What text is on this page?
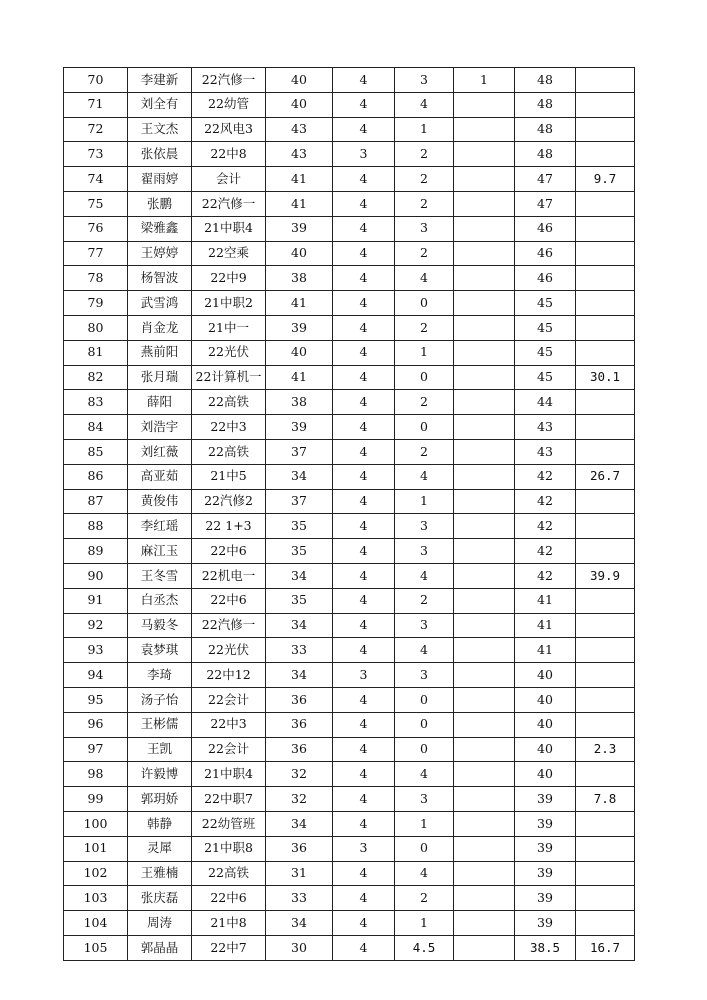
70	李建新	22汽修一	40	4	3	1	48	
71	刘全有	22幼管	40	4	4		48	
72	王文杰	22风电3	43	4	1		48	
73	张依晨	22中8	43	3	2		48	
74	翟雨婷	会计	41	4	2		47	9.7
75	张鹏	22汽修一	41	4	2		47	
76	梁雅鑫	21中职4	39	4	3		46	
77	王婷婷	22空乘	40	4	2		46	
78	杨智波	22中9	38	4	4		46	
79	武雪鸿	21中职2	41	4	0		45	
80	肖金龙	21中一	39	4	2		45	
81	燕前阳	22光伏	40	4	1		45	
82	张月瑞	22计算机一	41	4	0		45	30.1
83	薛阳	22高铁	38	4	2		44	
84	刘浩宇	22中3	39	4	0		43	
85	刘红薇	22高铁	37	4	2		43	
86	高亚茹	21中5	34	4	4		42	26.7
87	黄俊伟	22汽修2	37	4	1		42	
88	李红瑶	22 1+3	35	4	3		42	
89	麻江玉	22中6	35	4	3		42	
90	王冬雪	22机电一	34	4	4		42	39.9
91	白丞杰	22中6	35	4	2		41	
92	马毅冬	22汽修一	34	4	3		41	
93	袁梦琪	22光伏	33	4	4		41	
94	李琦	22中12	34	3	3		40	
95	汤子怡	22会计	36	4	0		40	
96	王彬儒	22中3	36	4	0		40	
97	王凯	22会计	36	4	0		40	2.3
98	许毅博	21中职4	32	4	4		40	
99	郭玥娇	22中职7	32	4	3		39	7.8
100	韩静	22幼管班	34	4	1		39	
101	灵犀	21中职8	36	3	0		39	
102	王雅楠	22高铁	31	4	4		39	
103	张庆磊	22中6	33	4	2		39	
104	周涛	21中8	34	4	1		39	
105	郭晶晶	22中7	30	4	4.5		38.5	16.7
